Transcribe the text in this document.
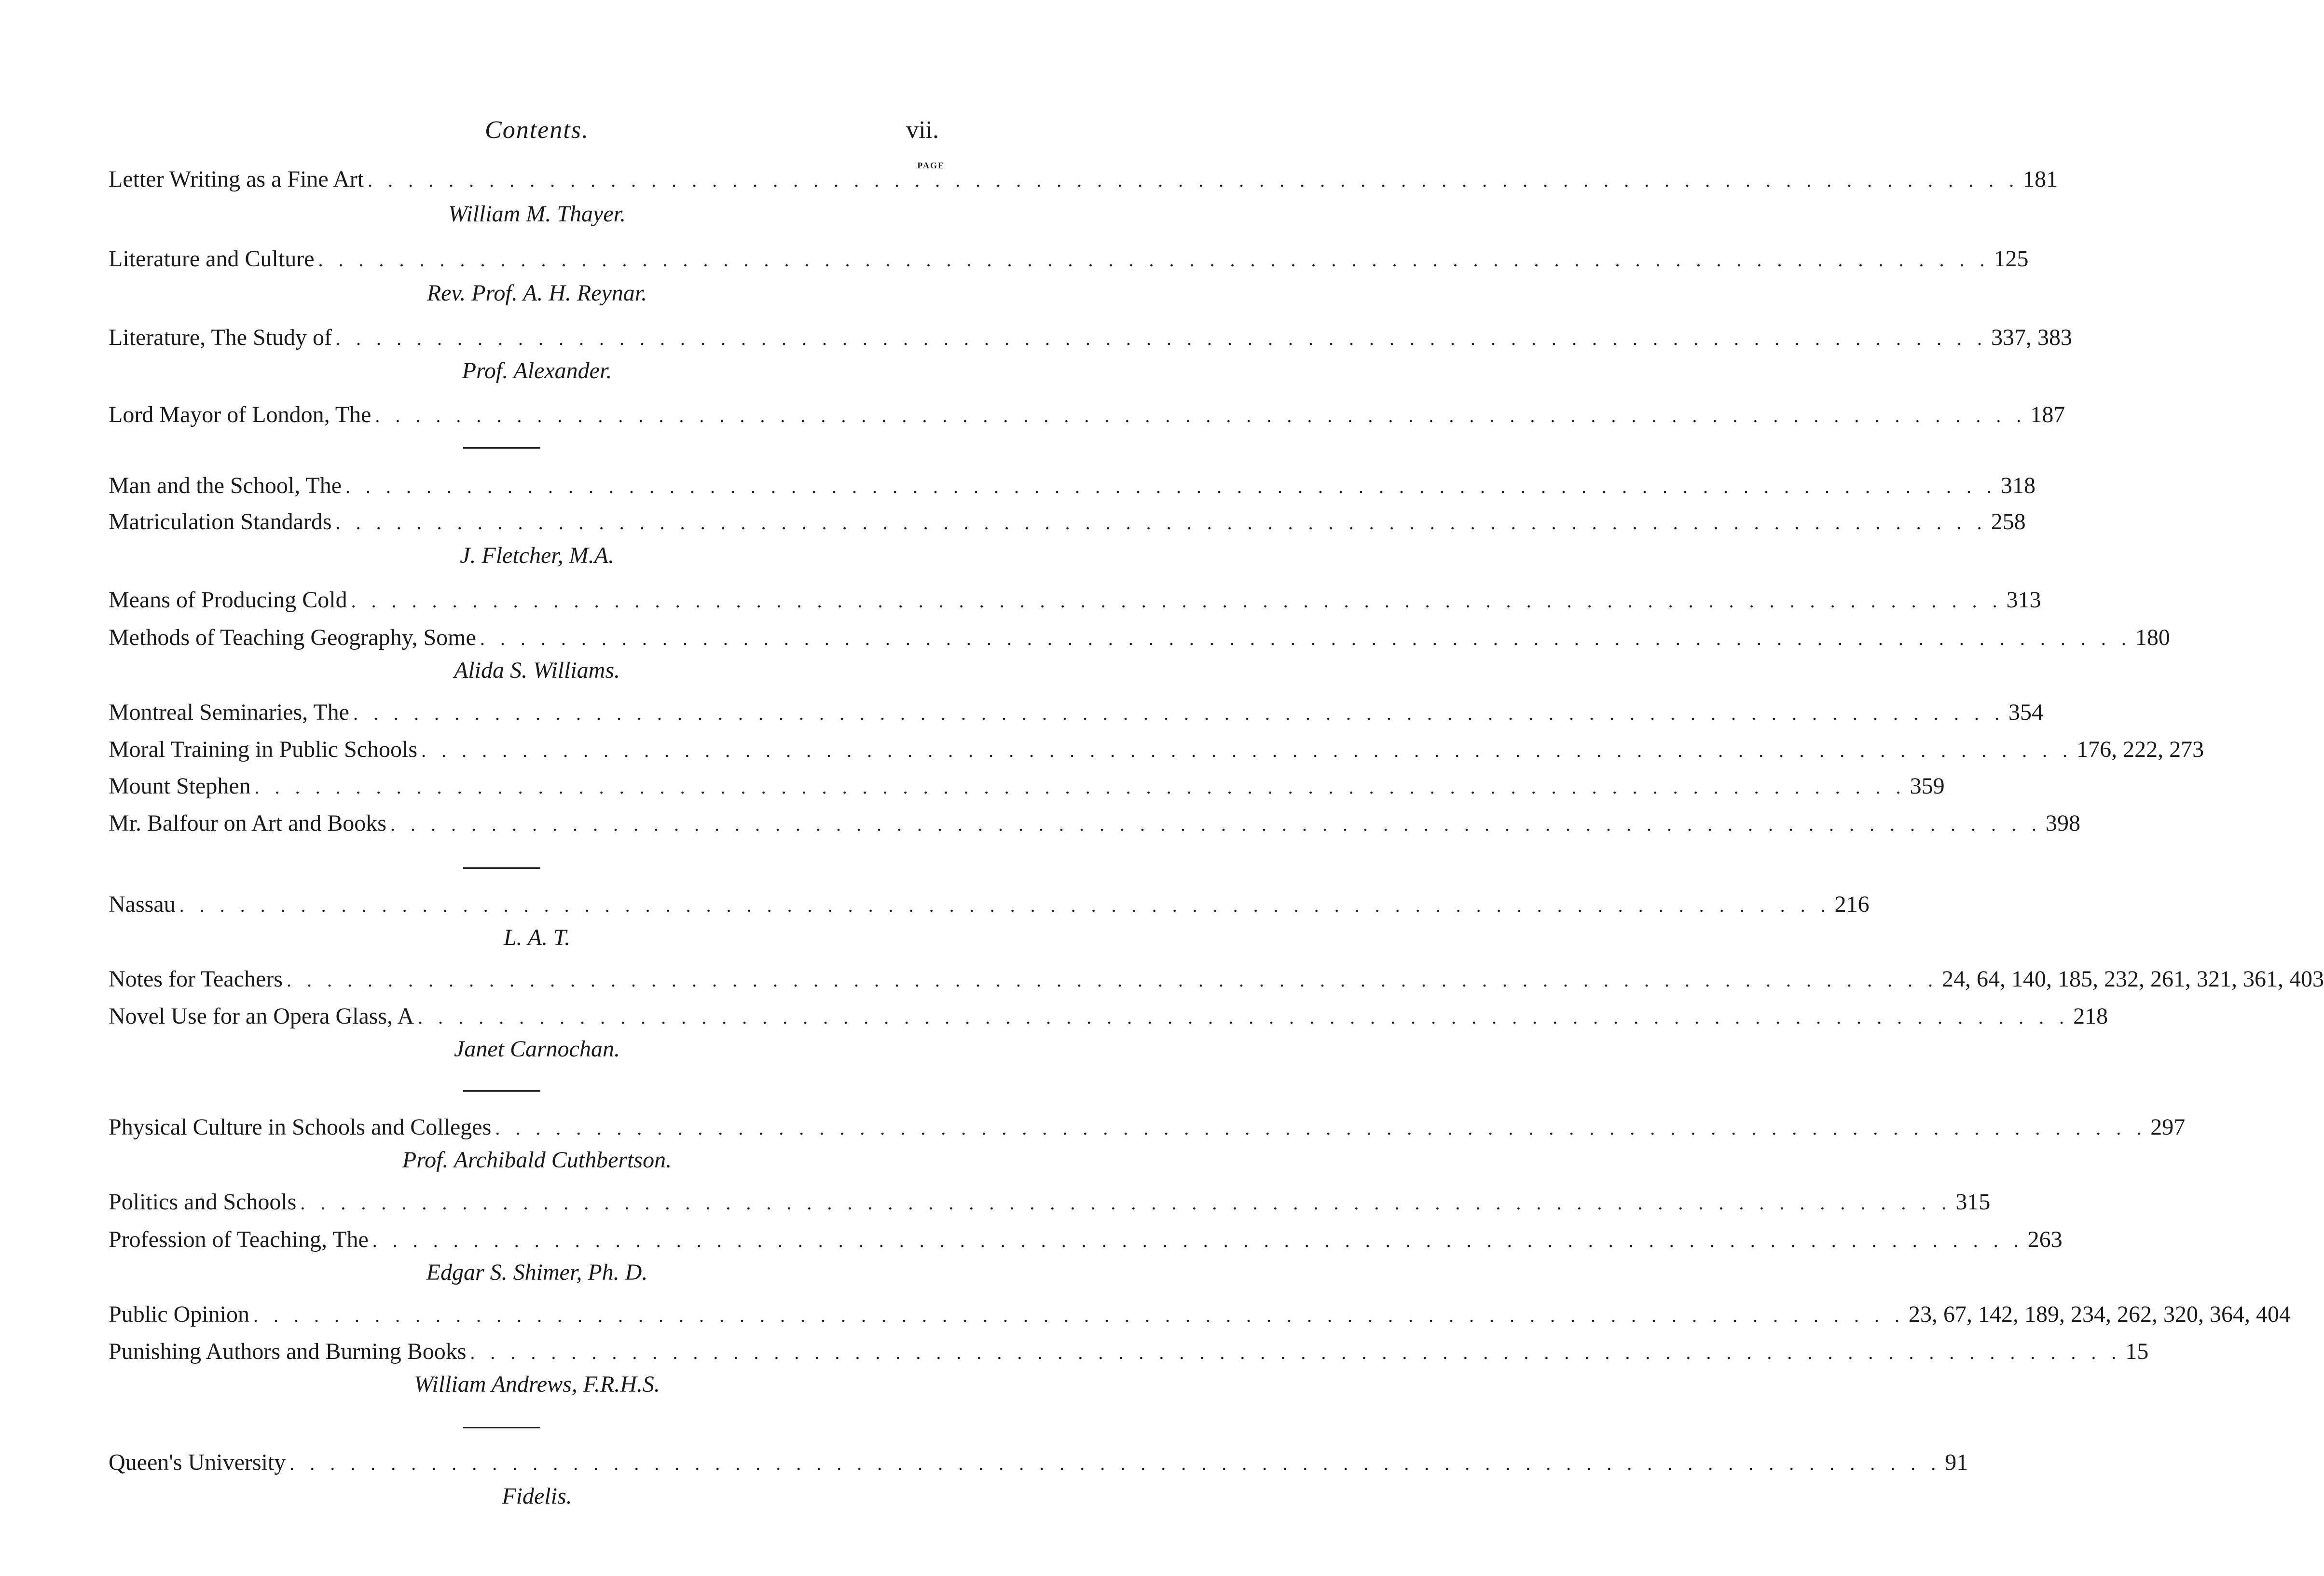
Contents.	vii.
PAGE
Letter Writing as a Fine Art . . . . . . . . . . . . . . . . . . . . . . . . . . . . . . . . . . . . . . . . . . . . . . . . . . . . . . . . . . . . . . . . . . . . . . . . . . . . . . . . . . 181
William M. Thayer.
Literature and Culture . . . . . . . . . . . . . . . . . . . . . . . . . . . . . . . . . . . . . . . . . . . . . . . . . . . . . . . . . . . . . . . . . . . . . . . . . . . . . . . . . . . 125
Rev. Prof. A. H. Reynar.
Literature, The Study of . . . . . . . . . . . . . . . . . . . . . . . . . . . . . . . . . . . . . . . . . . . . . . . . . . . . . . . . . . . . . . . . . . . . . . . . . . . . . . . . . . 337, 383
Prof. Alexander.
Lord Mayor of London, The . . . . . . . . . . . . . . . . . . . . . . . . . . . . . . . . . . . . . . . . . . . . . . . . . . . . . . . . . . . . . . . . . . . . . . . . . . . . . . . . . . 187
Man and the School, The . . . . . . . . . . . . . . . . . . . . . . . . . . . . . . . . . . . . . . . . . . . . . . . . . . . . . . . . . . . . . . . . . . . . . . . . . . . . . . . . . . 318
Matriculation Standards . . . . . . . . . . . . . . . . . . . . . . . . . . . . . . . . . . . . . . . . . . . . . . . . . . . . . . . . . . . . . . . . . . . . . . . . . . . . . . . . . . 258
J. Fletcher, M.A.
Means of Producing Cold . . . . . . . . . . . . . . . . . . . . . . . . . . . . . . . . . . . . . . . . . . . . . . . . . . . . . . . . . . . . . . . . . . . . . . . . . . . . . . . . . . 313
Methods of Teaching Geography, Some . . . . . . . . . . . . . . . . . . . . . . . . . . . . . . . . . . . . . . . . . . . . . . . . . . . . . . . . . . . . . . . . . . . . . . . . . . . . . . . . . . 180
Alida S. Williams.
Montreal Seminaries, The . . . . . . . . . . . . . . . . . . . . . . . . . . . . . . . . . . . . . . . . . . . . . . . . . . . . . . . . . . . . . . . . . . . . . . . . . . . . . . . . . . 354
Moral Training in Public Schools . . . . . . . . . . . . . . . . . . . . . . . . . . . . . . . . . . . . . . . . . . . . . . . . . . . . . . . . . . . . . . . . . . . . . . . . . . . . . . . . . . 176, 222, 273
Mount Stephen . . . . . . . . . . . . . . . . . . . . . . . . . . . . . . . . . . . . . . . . . . . . . . . . . . . . . . . . . . . . . . . . . . . . . . . . . . . . . . . . . . 359
Mr. Balfour on Art and Books . . . . . . . . . . . . . . . . . . . . . . . . . . . . . . . . . . . . . . . . . . . . . . . . . . . . . . . . . . . . . . . . . . . . . . . . . . . . . . . . . . 398
Nassau . . . . . . . . . . . . . . . . . . . . . . . . . . . . . . . . . . . . . . . . . . . . . . . . . . . . . . . . . . . . . . . . . . . . . . . . . . . . . . . . . . 216
L. A. T.
Notes for Teachers . . . . . . . . . . . . . . . . . . . . . . . . . . . . . . . . . . . . . . . . . . . . . . . . . . . . . . . . . . . . . . . . . . . . . . . . . . . . . . . . . . 24, 64, 140, 185, 232, 261, 321, 361, 403
Novel Use for an Opera Glass, A . . . . . . . . . . . . . . . . . . . . . . . . . . . . . . . . . . . . . . . . . . . . . . . . . . . . . . . . . . . . . . . . . . . . . . . . . . . . . . . . . . 218
Janet Carnochan.
Physical Culture in Schools and Colleges . . . . . . . . . . . . . . . . . . . . . . . . . . . . . . . . . . . . . . . . . . . . . . . . . . . . . . . . . . . . . . . . . . . . . . . . . . . . . . . . . . 297
Prof. Archibald Cuthbertson.
Politics and Schools . . . . . . . . . . . . . . . . . . . . . . . . . . . . . . . . . . . . . . . . . . . . . . . . . . . . . . . . . . . . . . . . . . . . . . . . . . . . . . . . . . 315
Profession of Teaching, The . . . . . . . . . . . . . . . . . . . . . . . . . . . . . . . . . . . . . . . . . . . . . . . . . . . . . . . . . . . . . . . . . . . . . . . . . . . . . . . . . . 263
Edgar S. Shimer, Ph. D.
Public Opinion . . . . . . . . . . . . . . . . . . . . . . . . . . . . . . . . . . . . . . . . . . . . . . . . . . . . . . . . . . . . . . . . . . . . . . . . . . . . . . . . . . 23, 67, 142, 189, 234, 262, 320, 364, 404
Punishing Authors and Burning Books . . . . . . . . . . . . . . . . . . . . . . . . . . . . . . . . . . . . . . . . . . . . . . . . . . . . . . . . . . . . . . . . . . . . . . . . . . . . . . . . . . 15
William Andrews, F.R.H.S.
Queen's University . . . . . . . . . . . . . . . . . . . . . . . . . . . . . . . . . . . . . . . . . . . . . . . . . . . . . . . . . . . . . . . . . . . . . . . . . . . . . . . . . . 91
Fidelis.
